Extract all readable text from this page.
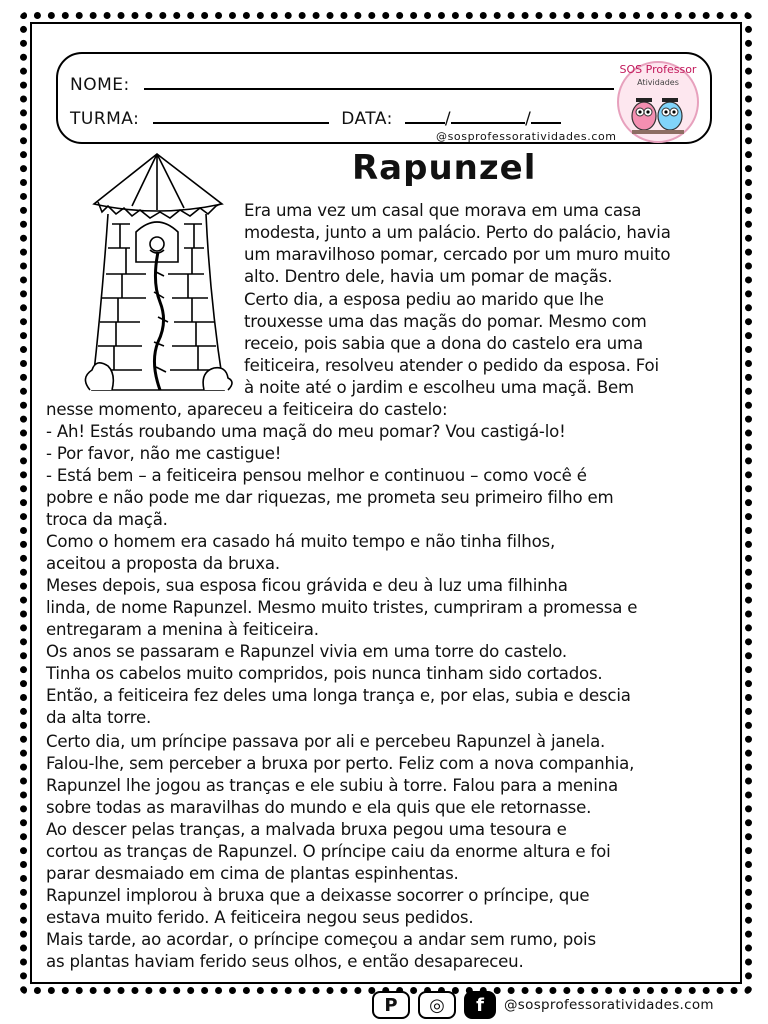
NOME:
TURMA:	DATA:	/	/
@sosprofessoratividades.com
SOS Professor
Atividades
Rapunzel
Era uma vez um casal que morava em uma casa
modesta, junto a um palácio. Perto do palácio, havia
um maravilhoso pomar, cercado por um muro muito
alto. Dentro dele, havia um pomar de maçãs.
Certo dia, a esposa pediu ao marido que lhe
trouxesse uma das maçãs do pomar. Mesmo com
receio, pois sabia que a dona do castelo era uma
feiticeira, resolveu atender o pedido da esposa. Foi
à noite até o jardim e escolheu uma maçã. Bem
nesse momento, apareceu a feiticeira do castelo:
- Ah! Estás roubando uma maçã do meu pomar? Vou castigá-lo!
- Por favor, não me castigue!
- Está bem – a feiticeira pensou melhor e continuou – como você é
pobre e não pode me dar riquezas, me prometa seu primeiro filho em
troca da maçã.
Como o homem era casado há muito tempo e não tinha filhos,
aceitou a proposta da bruxa.
Meses depois, sua esposa ficou grávida e deu à luz uma filhinha
linda, de nome Rapunzel. Mesmo muito tristes, cumpriram a promessa e
entregaram a menina à feiticeira.
Os anos se passaram e Rapunzel vivia em uma torre do castelo.
Tinha os cabelos muito compridos, pois nunca tinham sido cortados.
Então, a feiticeira fez deles uma longa trança e, por elas, subia e descia
da alta torre.
Certo dia, um príncipe passava por ali e percebeu Rapunzel à janela.
Falou-lhe, sem perceber a bruxa por perto. Feliz com a nova companhia,
Rapunzel lhe jogou as tranças e ele subiu à torre. Falou para a menina
sobre todas as maravilhas do mundo e ela quis que ele retornasse.
Ao descer pelas tranças, a malvada bruxa pegou uma tesoura e
cortou as tranças de Rapunzel. O príncipe caiu da enorme altura e foi
parar desmaiado em cima de plantas espinhentas.
Rapunzel implorou à bruxa que a deixasse socorrer o príncipe, que
estava muito ferido. A feiticeira negou seus pedidos.
Mais tarde, ao acordar, o príncipe começou a andar sem rumo, pois
as plantas haviam ferido seus olhos, e então desapareceu.
P	◎	f	@sosprofessoratividades.com
